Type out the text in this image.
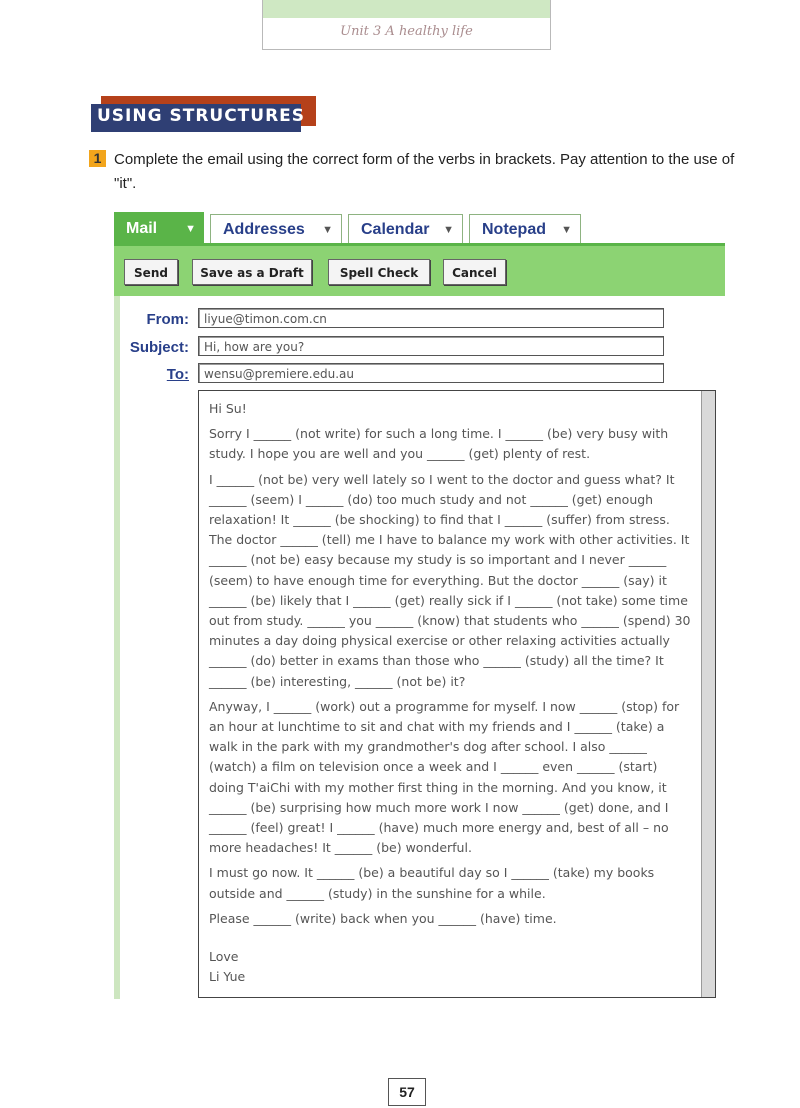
Unit 3 A healthy life
USING STRUCTURES
1 Complete the email using the correct form of the verbs in brackets. Pay attention to the use of "it".
Mail	▼	Addresses ▼	Calendar ▼	Notepad ▼
Send	Save as a Draft	Spell Check	Cancel
From:	liyue@timon.com.cn
Subject:	Hi, how are you?
To:	wensu@premiere.edu.au
Hi Su!
Sorry I ______ (not write) for such a long time. I ______ (be) very busy with study. I hope you are well and you ______ (get) plenty of rest.
I ______ (not be) very well lately so I went to the doctor and guess what? It ______ (seem) I ______ (do) too much study and not ______ (get) enough relaxation! It ______ (be shocking) to find that I ______ (suffer) from stress. The doctor ______ (tell) me I have to balance my work with other activities. It ______ (not be) easy because my study is so important and I never ______ (seem) to have enough time for everything. But the doctor ______ (say) it ______ (be) likely that I ______ (get) really sick if I ______ (not take) some time out from study. ______ you ______ (know) that students who ______ (spend) 30 minutes a day doing physical exercise or other relaxing activities actually ______ (do) better in exams than those who ______ (study) all the time? It ______ (be) interesting, ______ (not be) it?
Anyway, I ______ (work) out a programme for myself. I now ______ (stop) for an hour at lunchtime to sit and chat with my friends and I ______ (take) a walk in the park with my grandmother's dog after school. I also ______ (watch) a film on television once a week and I ______ even ______ (start) doing T'aiChi with my mother first thing in the morning. And you know, it ______ (be) surprising how much more work I now ______ (get) done, and I ______ (feel) great! I ______ (have) much more energy and, best of all – no more headaches! It ______ (be) wonderful.
I must go now. It ______ (be) a beautiful day so I ______ (take) my books outside and ______ (study) in the sunshine for a while.
Please ______ (write) back when you ______ (have) time.
Love
Li Yue
57
